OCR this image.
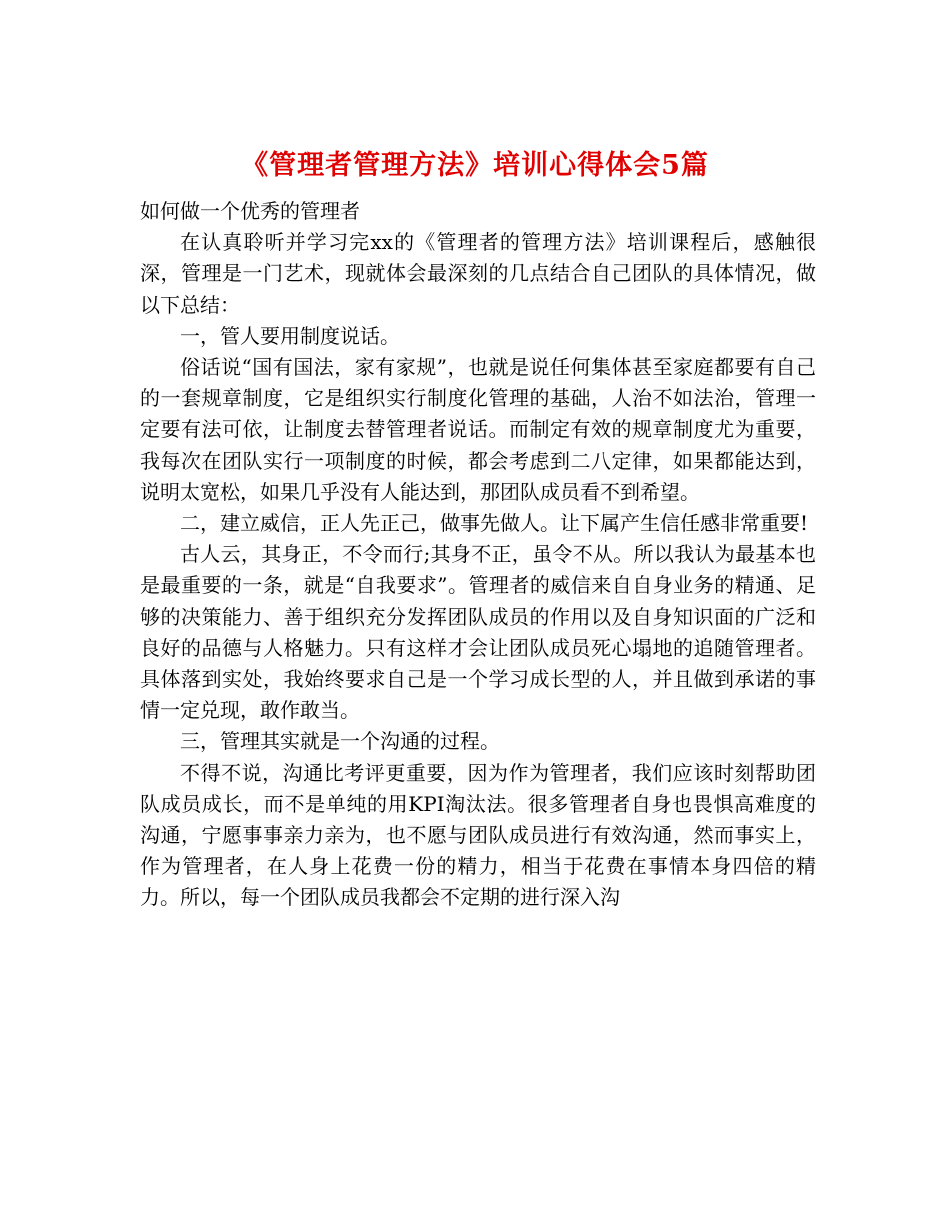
《管理者管理方法》培训心得体会5篇

如何做一个优秀的管理者

在认真聆听并学习完xx的《管理者的管理方法》培训课程后，感触很深，管理是一门艺术，现就体会最深刻的几点结合自己团队的具体情况，做以下总结：

一，管人要用制度说话。

俗话说“国有国法，家有家规”，也就是说任何集体甚至家庭都要有自己的一套规章制度，它是组织实行制度化管理的基础，人治不如法治，管理一定要有法可依，让制度去替管理者说话。而制定有效的规章制度尤为重要，我每次在团队实行一项制度的时候，都会考虑到二八定律，如果都能达到，说明太宽松，如果几乎没有人能达到，那团队成员看不到希望。

二，建立威信，正人先正己，做事先做人。让下属产生信任感非常重要!

古人云，其身正，不令而行;其身不正，虽令不从。所以我认为最基本也是最重要的一条，就是“自我要求”。管理者的威信来自自身业务的精通、足够的决策能力、善于组织充分发挥团队成员的作用以及自身知识面的广泛和良好的品德与人格魅力。只有这样才会让团队成员死心塌地的追随管理者。具体落到实处，我始终要求自己是一个学习成长型的人，并且做到承诺的事情一定兑现，敢作敢当。

三，管理其实就是一个沟通的过程。

不得不说，沟通比考评更重要，因为作为管理者，我们应该时刻帮助团队成员成长，而不是单纯的用KPI淘汰法。很多管理者自身也畏惧高难度的沟通，宁愿事事亲力亲为，也不愿与团队成员进行有效沟通，然而事实上，作为管理者，在人身上花费一份的精力，相当于花费在事情本身四倍的精力。所以，每一个团队成员我都会不定期的进行深入沟
